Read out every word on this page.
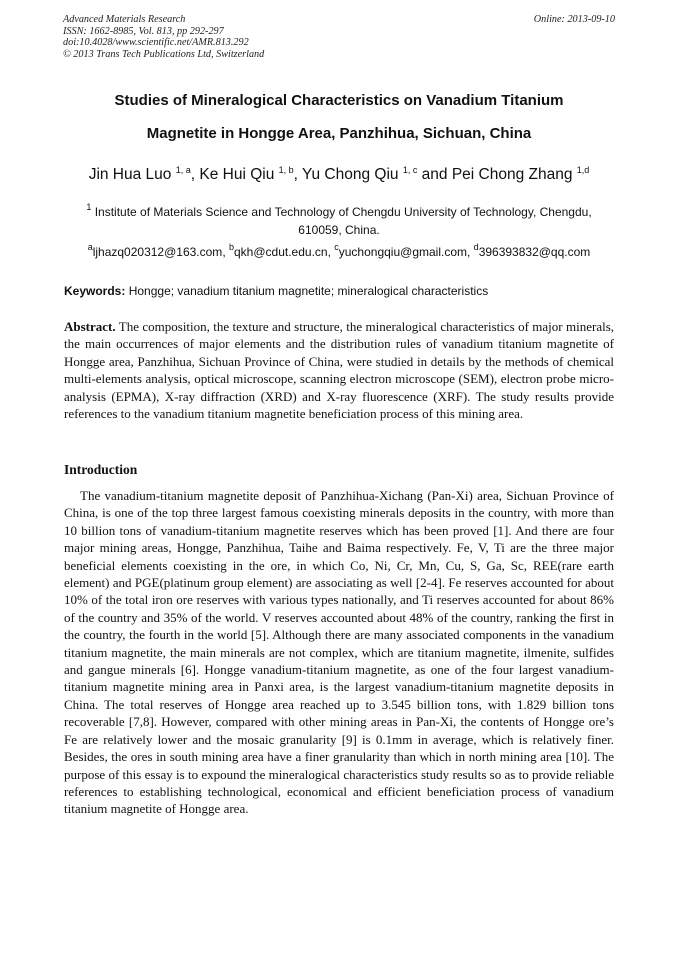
Advanced Materials Research
ISSN: 1662-8985, Vol. 813, pp 292-297
doi:10.4028/www.scientific.net/AMR.813.292
© 2013 Trans Tech Publications Ltd, Switzerland
Online: 2013-09-10
Studies of Mineralogical Characteristics on Vanadium Titanium
Magnetite in Hongge Area, Panzhihua, Sichuan, China
Jin Hua Luo $^{1, a}$, Ke Hui Qiu $^{1, b}$, Yu Chong Qiu $^{1, c}$ and Pei Chong Zhang $^{1,d}$
$^1$ Institute of Materials Science and Technology of Chengdu University of Technology, Chengdu, 610059, China.
$^a$ljhazq020312@163.com, $^b$qkh@cdut.edu.cn, $^c$yuchongqiu@gmail.com, $^d$396393832@qq.com
Keywords: Hongge; vanadium titanium magnetite; mineralogical characteristics
Abstract. The composition, the texture and structure, the mineralogical characteristics of major minerals, the main occurrences of major elements and the distribution rules of vanadium titanium magnetite of Hongge area, Panzhihua, Sichuan Province of China, were studied in details by the methods of chemical multi-elements analysis, optical microscope, scanning electron microscope (SEM), electron probe micro-analysis (EPMA), X-ray diffraction (XRD) and X-ray fluorescence (XRF). The study results provide references to the vanadium titanium magnetite beneficiation process of this mining area.
Introduction
The vanadium-titanium magnetite deposit of Panzhihua-Xichang (Pan-Xi) area, Sichuan Province of China, is one of the top three largest famous coexisting minerals deposits in the country, with more than 10 billion tons of vanadium-titanium magnetite reserves which has been proved [1]. And there are four major mining areas, Hongge, Panzhihua, Taihe and Baima respectively. Fe, V, Ti are the three major beneficial elements coexisting in the ore, in which Co, Ni, Cr, Mn, Cu, S, Ga, Sc, REE(rare earth element) and PGE(platinum group element) are associating as well [2-4]. Fe reserves accounted for about 10% of the total iron ore reserves with various types nationally, and Ti reserves accounted for about 86% of the country and 35% of the world. V reserves accounted about 48% of the country, ranking the first in the country, the fourth in the world [5]. Although there are many associated components in the vanadium titanium magnetite, the main minerals are not complex, which are titanium magnetite, ilmenite, sulfides and gangue minerals [6]. Hongge vanadium-titanium magnetite, as one of the four largest vanadium-titanium magnetite mining area in Panxi area, is the largest vanadium-titanium magnetite deposits in China. The total reserves of Hongge area reached up to 3.545 billion tons, with 1.829 billion tons recoverable [7,8]. However, compared with other mining areas in Pan-Xi, the contents of Hongge ore’s Fe are relatively lower and the mosaic granularity [9] is 0.1mm in average, which is relatively finer. Besides, the ores in south mining area have a finer granularity than which in north mining area [10]. The purpose of this essay is to expound the mineralogical characteristics study results so as to provide reliable references to establishing technological, economical and efficient beneficiation process of vanadium titanium magnetite of Hongge area.
